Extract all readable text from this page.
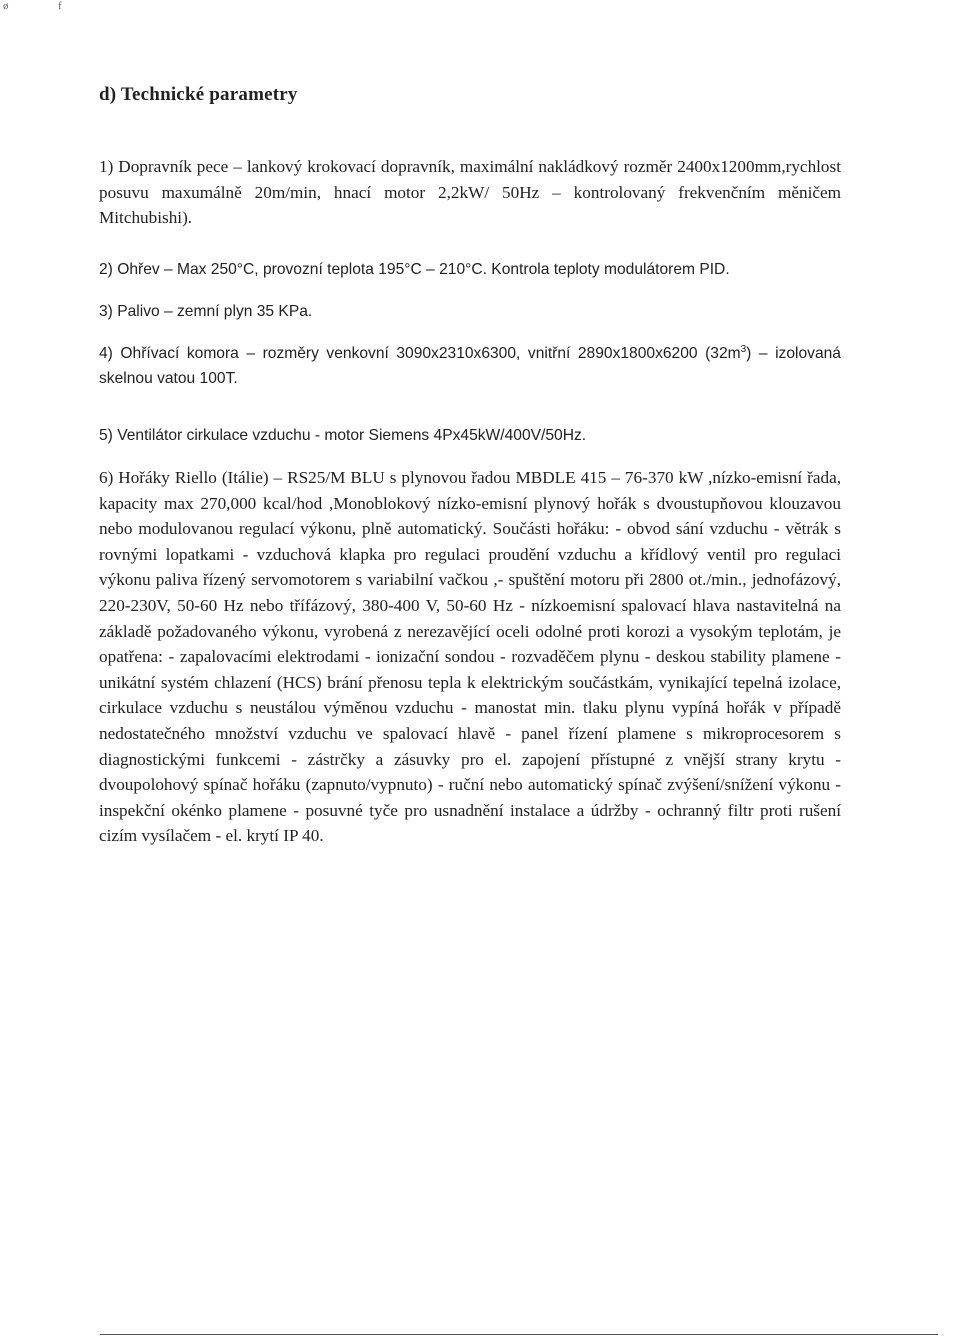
ø	f
d) Technické parametry

1) Dopravník pece – lankový krokovací dopravník, maximální nakládkový rozměr 2400x1200mm,rychlost posuvu maxumálně 20m/min, hnací motor 2,2kW/ 50Hz – kontrolovaný frekvenčním měničem Mitchubishi).

2) Ohřev – Max 250°C, provozní teplota 195°C – 210°C. Kontrola teploty modulátorem PID.

3) Palivo – zemní plyn 35 KPa.

4) Ohřívací komora – rozměry venkovní 3090x2310x6300, vnitřní 2890x1800x6200 $(32m^3)$ – izolovaná skelnou vatou 100T.

5) Ventilátor cirkulace vzduchu - motor Siemens 4Px45kW/400V/50Hz.

6) Hořáky Riello (Itálie) – RS25/M BLU s plynovou řadou MBDLE 415 – 76-370 kW ,nízko-emisní řada, kapacity max 270,000 kcal/hod ,Monoblokový nízko-emisní plynový hořák s dvoustupňovou klouzavou nebo modulovanou regulací výkonu, plně automatický. Součásti hořáku: - obvod sání vzduchu - větrák s rovnými lopatkami - vzduchová klapka pro regulaci proudění vzduchu a křídlový ventil pro regulaci výkonu paliva řízený servomotorem s variabilní vačkou ,- spuštění motoru při 2800 ot./min., jednofázový, 220-230V, 50-60 Hz nebo třífázový, 380-400 V, 50-60 Hz - nízkoemisní spalovací hlava nastavitelná na základě požadovaného výkonu, vyrobená z nerezavějící oceli odolné proti korozi a vysokým teplotám, je opatřena: - zapalovacími elektrodami - ionizační sondou - rozvaděčem plynu - deskou stability plamene - unikátní systém chlazení (HCS) brání přenosu tepla k elektrickým součástkám, vynikající tepelná izolace, cirkulace vzduchu s neustálou výměnou vzduchu - manostat min. tlaku plynu vypíná hořák v případě nedostatečného množství vzduchu ve spalovací hlavě - panel řízení plamene s mikroprocesorem s diagnostickými funkcemi - zástrčky a zásuvky pro el. zapojení přístupné z vnější strany krytu - dvoupolohový spínač hořáku (zapnuto/vypnuto) - ruční nebo automatický spínač zvýšení/snížení výkonu - inspekční okénko plamene - posuvné tyče pro usnadnění instalace a údržby - ochranný filtr proti rušení cizím vysílačem - el. krytí IP 40.
